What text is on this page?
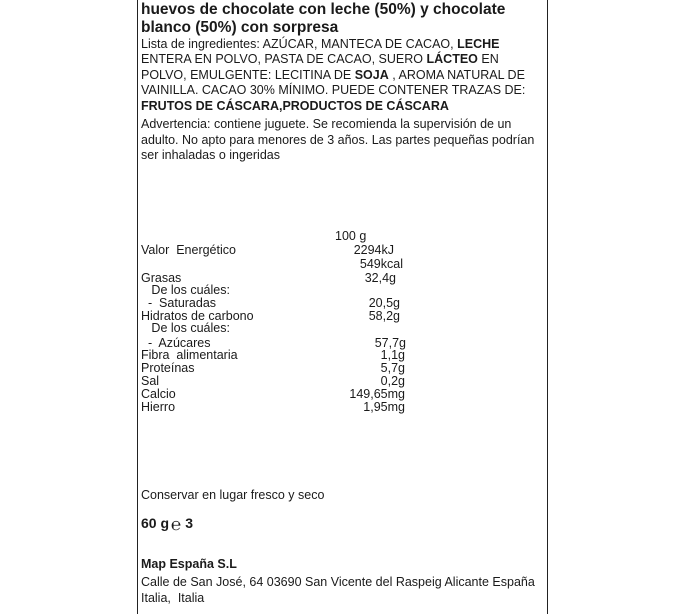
huevos de chocolate con leche (50%) y chocolate blanco (50%) con sorpresa
Lista de ingredientes: AZÚCAR, MANTECA DE CACAO, LECHE ENTERA EN POLVO, PASTA DE CACAO, SUERO LÁCTEO EN POLVO, EMULGENTE: LECITINA DE SOJA , AROMA NATURAL DE VAINILLA. CACAO 30% MÍNIMO. PUEDE CONTENER TRAZAS DE: FRUTOS DE CÁSCARA,PRODUCTOS DE CÁSCARA
Advertencia: contiene juguete. Se recomienda la supervisión de un adulto. No apto para menores de 3 años. Las partes pequeñas podrían ser inhaladas o ingeridas
100 g
Valor  Energético	2294kJ
549kcal
Grasas	32,4g
De los cuáles:
-  Saturadas	20,5g
Hidratos de carbono	58,2g
De los cuáles:
-  Azúcares	57,7g
Fibra  alimentaria	1,1g
Proteínas	5,7g
Sal	0,2g
Calcio	149,65mg
Hierro	1,95mg
Conservar en lugar fresco y seco
60 g ℮ 3
Map España S.L
Calle de San José, 64 03690 San Vicente del Raspeig Alicante España
Italia,  Italia
